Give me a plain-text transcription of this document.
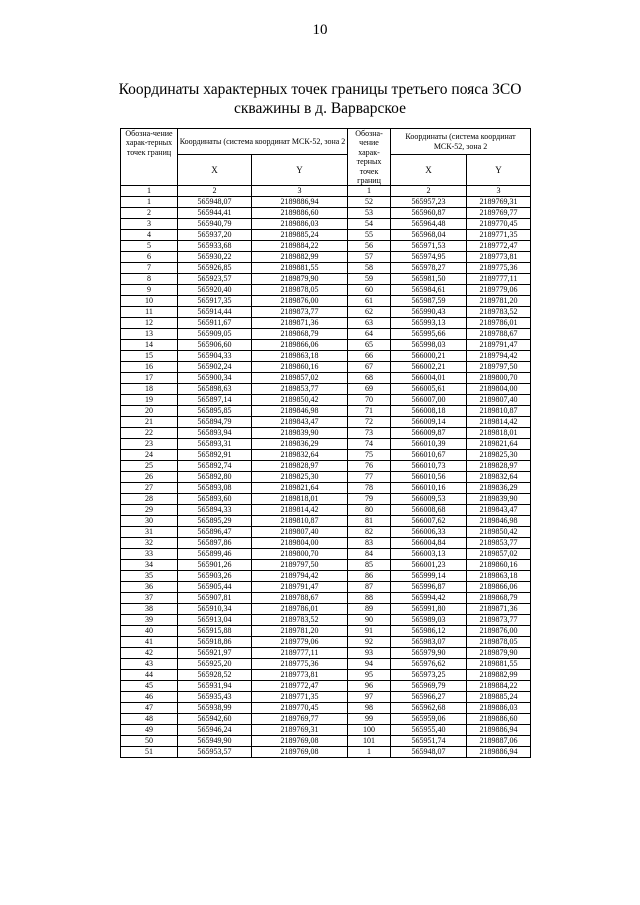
10
Координаты характерных точек границы третьего пояса ЗСО
скважины в д. Варварское
Обозна-чение харак-терных точек границ	Координаты (система координат МСК-52, зона 2		Обозна-чение харак-терных точек границ	Координаты (система координат МСК-52, зона 2	
	X	Y		X	Y
1	2	3	1	2	3
1	565948,07	2189886,94	52	565957,23	2189769,31
2	565944,41	2189886,60	53	565960,87	2189769,77
3	565940,79	2189886,03	54	565964,48	2189770,45
4	565937,20	2189885,24	55	565968,04	2189771,35
5	565933,68	2189884,22	56	565971,53	2189772,47
6	565930,22	2189882,99	57	565974,95	2189773,81
7	565926,85	2189881,55	58	565978,27	2189775,36
8	565923,57	2189879,90	59	565981,50	2189777,11
9	565920,40	2189878,05	60	565984,61	2189779,06
10	565917,35	2189876,00	61	565987,59	2189781,20
11	565914,44	2189873,77	62	565990,43	2189783,52
12	565911,67	2189871,36	63	565993,13	2189786,01
13	565909,05	2189868,79	64	565995,66	2189788,67
14	565906,60	2189866,06	65	565998,03	2189791,47
15	565904,33	2189863,18	66	566000,21	2189794,42
16	565902,24	2189860,16	67	566002,21	2189797,50
17	565900,34	2189857,02	68	566004,01	2189800,70
18	565898,63	2189853,77	69	566005,61	2189804,00
19	565897,14	2189850,42	70	566007,00	2189807,40
20	565895,85	2189846,98	71	566008,18	2189810,87
21	565894,79	2189843,47	72	566009,14	2189814,42
22	565893,94	2189839,90	73	566009,87	2189818,01
23	565893,31	2189836,29	74	566010,39	2189821,64
24	565892,91	2189832,64	75	566010,67	2189825,30
25	565892,74	2189828,97	76	566010,73	2189828,97
26	565892,80	2189825,30	77	566010,56	2189832,64
27	565893,08	2189821,64	78	566010,16	2189836,29
28	565893,60	2189818,01	79	566009,53	2189839,90
29	565894,33	2189814,42	80	566008,68	2189843,47
30	565895,29	2189810,87	81	566007,62	2189846,98
31	565896,47	2189807,40	82	566006,33	2189850,42
32	565897,86	2189804,00	83	566004,84	2189853,77
33	565899,46	2189800,70	84	566003,13	2189857,02
34	565901,26	2189797,50	85	566001,23	2189860,16
35	565903,26	2189794,42	86	565999,14	2189863,18
36	565905,44	2189791,47	87	565996,87	2189866,06
37	565907,81	2189788,67	88	565994,42	2189868,79
38	565910,34	2189786,01	89	565991,80	2189871,36
39	565913,04	2189783,52	90	565989,03	2189873,77
40	565915,88	2189781,20	91	565986,12	2189876,00
41	565918,86	2189779,06	92	565983,07	2189878,05
42	565921,97	2189777,11	93	565979,90	2189879,90
43	565925,20	2189775,36	94	565976,62	2189881,55
44	565928,52	2189773,81	95	565973,25	2189882,99
45	565931,94	2189772,47	96	565969,79	2189884,22
46	565935,43	2189771,35	97	565966,27	2189885,24
47	565938,99	2189770,45	98	565962,68	2189886,03
48	565942,60	2189769,77	99	565959,06	2189886,60
49	565946,24	2189769,31	100	565955,40	2189886,94
50	565949,90	2189769,08	101	565951,74	2189887,06
51	565953,57	2189769,08	1	565948,07	2189886,94
